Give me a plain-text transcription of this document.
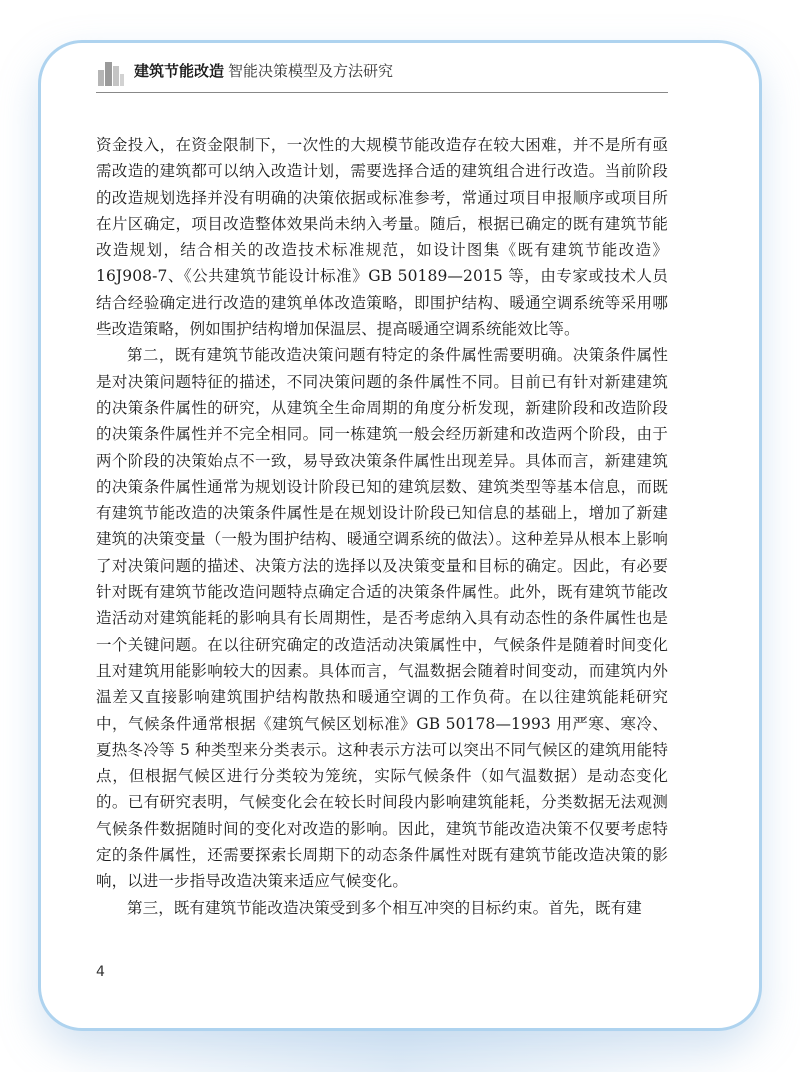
建筑节能改造 智能决策模型及方法研究

资金投入，在资金限制下，一次性的大规模节能改造存在较大困难，并不是所有亟需改造的建筑都可以纳入改造计划，需要选择合适的建筑组合进行改造。当前阶段的改造规划选择并没有明确的决策依据或标准参考，常通过项目申报顺序或项目所在片区确定，项目改造整体效果尚未纳入考量。随后，根据已确定的既有建筑节能改造规划，结合相关的改造技术标准规范，如设计图集《既有建筑节能改造》16J908-7、《公共建筑节能设计标准》GB 50189—2015 等，由专家或技术人员结合经验确定进行改造的建筑单体改造策略，即围护结构、暖通空调系统等采用哪些改造策略，例如围护结构增加保温层、提高暖通空调系统能效比等。

第二，既有建筑节能改造决策问题有特定的条件属性需要明确。决策条件属性是对决策问题特征的描述，不同决策问题的条件属性不同。目前已有针对新建建筑的决策条件属性的研究，从建筑全生命周期的角度分析发现，新建阶段和改造阶段的决策条件属性并不完全相同。同一栋建筑一般会经历新建和改造两个阶段，由于两个阶段的决策始点不一致，易导致决策条件属性出现差异。具体而言，新建建筑的决策条件属性通常为规划设计阶段已知的建筑层数、建筑类型等基本信息，而既有建筑节能改造的决策条件属性是在规划设计阶段已知信息的基础上，增加了新建建筑的决策变量（一般为围护结构、暖通空调系统的做法）。这种差异从根本上影响了对决策问题的描述、决策方法的选择以及决策变量和目标的确定。因此，有必要针对既有建筑节能改造问题特点确定合适的决策条件属性。此外，既有建筑节能改造活动对建筑能耗的影响具有长周期性，是否考虑纳入具有动态性的条件属性也是一个关键问题。在以往研究确定的改造活动决策属性中，气候条件是随着时间变化且对建筑用能影响较大的因素。具体而言，气温数据会随着时间变动，而建筑内外温差又直接影响建筑围护结构散热和暖通空调的工作负荷。在以往建筑能耗研究中，气候条件通常根据《建筑气候区划标准》GB 50178—1993 用严寒、寒冷、夏热冬冷等 5 种类型来分类表示。这种表示方法可以突出不同气候区的建筑用能特点，但根据气候区进行分类较为笼统，实际气候条件（如气温数据）是动态变化的。已有研究表明，气候变化会在较长时间段内影响建筑能耗，分类数据无法观测气候条件数据随时间的变化对改造的影响。因此，建筑节能改造决策不仅要考虑特定的条件属性，还需要探索长周期下的动态条件属性对既有建筑节能改造决策的影响，以进一步指导改造决策来适应气候变化。

第三，既有建筑节能改造决策受到多个相互冲突的目标约束。首先，既有建

4
